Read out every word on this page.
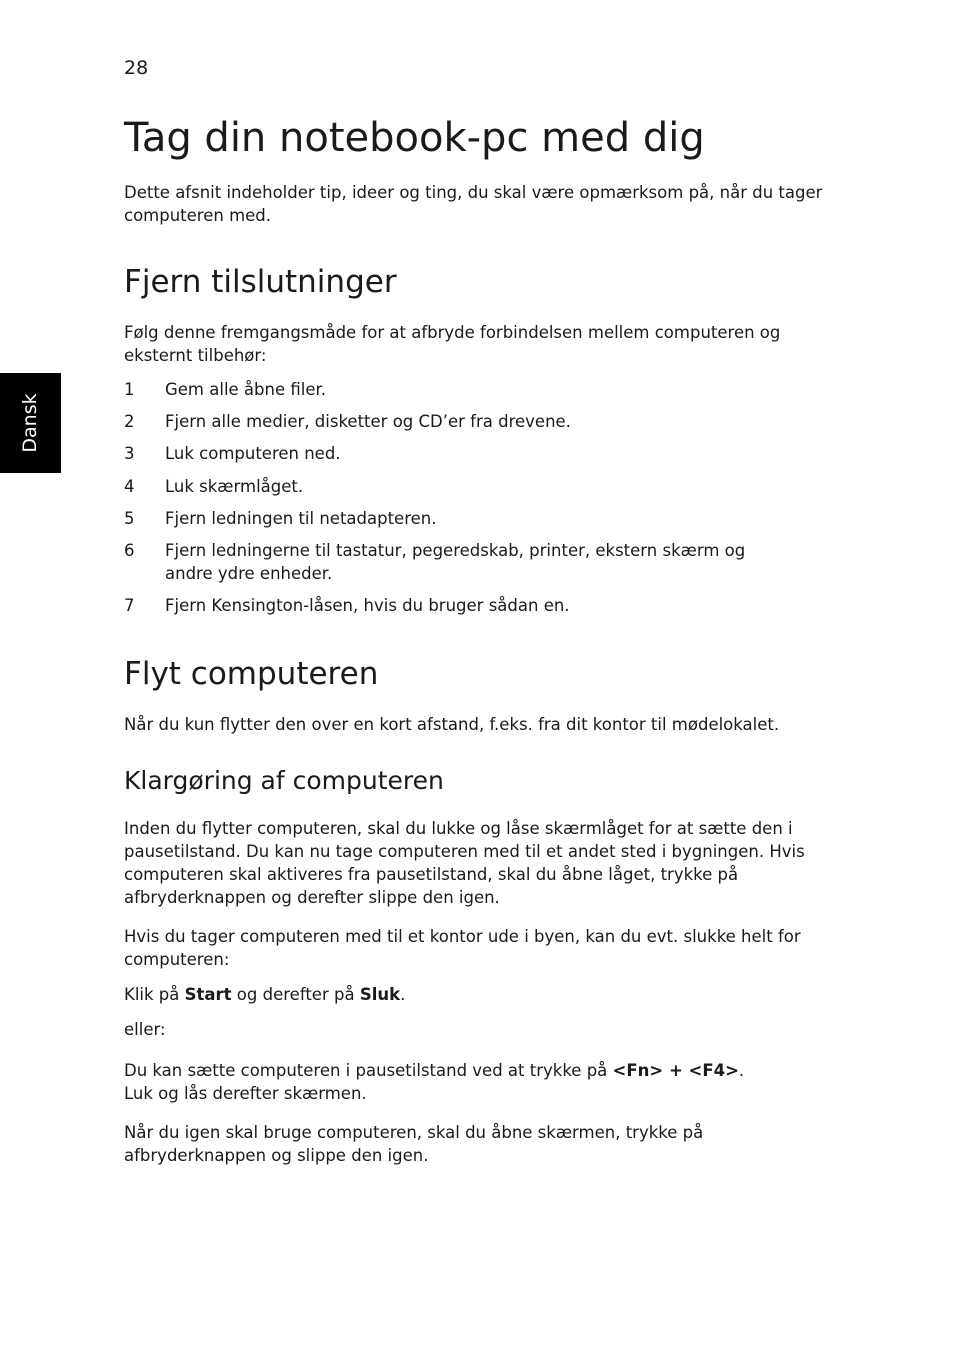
28
Dansk
Tag din notebook-pc med dig

Dette afsnit indeholder tip, ideer og ting, du skal være opmærksom på, når du tager computeren med.

Fjern tilslutninger

Følg denne fremgangsmåde for at afbryde forbindelsen mellem computeren og eksternt tilbehør:

1 Gem alle åbne filer.
2 Fjern alle medier, disketter og CD’er fra drevene.
3 Luk computeren ned.
4 Luk skærmlåget.
5 Fjern ledningen til netadapteren.
6 Fjern ledningerne til tastatur, pegeredskab, printer, ekstern skærm og andre ydre enheder.
7 Fjern Kensington-låsen, hvis du bruger sådan en.
Flyt computeren

Når du kun flytter den over en kort afstand, f.eks. fra dit kontor til mødelokalet.

Klargøring af computeren

Inden du flytter computeren, skal du lukke og låse skærmlåget for at sætte den i pausetilstand. Du kan nu tage computeren med til et andet sted i bygningen. Hvis computeren skal aktiveres fra pausetilstand, skal du åbne låget, trykke på afbryderknappen og derefter slippe den igen.

Hvis du tager computeren med til et kontor ude i byen, kan du evt. slukke helt for computeren:

Klik på Start og derefter på Sluk.

eller:

Du kan sætte computeren i pausetilstand ved at trykke på <Fn> + <F4>.
Luk og lås derefter skærmen.

Når du igen skal bruge computeren, skal du åbne skærmen, trykke på afbryderknappen og slippe den igen.
